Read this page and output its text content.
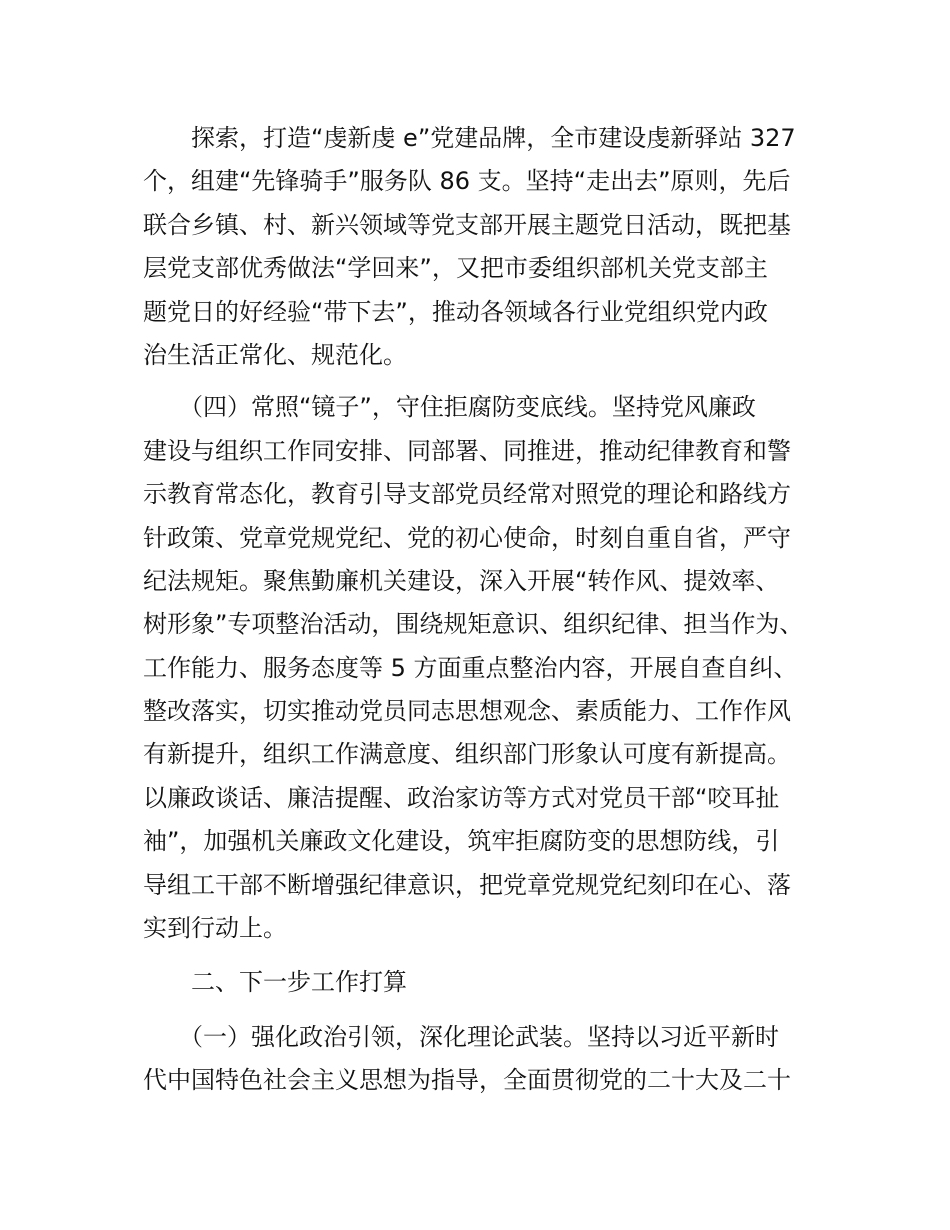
　　探索，打造“虔新虔 e”党建品牌，全市建设虔新驿站 327
个，组建“先锋骑手”服务队 86 支。坚持“走出去”原则，先后
联合乡镇、村、新兴领域等党支部开展主题党日活动，既把基
层党支部优秀做法“学回来”，又把市委组织部机关党支部主
题党日的好经验“带下去”，推动各领域各行业党组织党内政
治生活正常化、规范化。
　　（四）常照“镜子”，守住拒腐防变底线。坚持党风廉政
建设与组织工作同安排、同部署、同推进，推动纪律教育和警
示教育常态化，教育引导支部党员经常对照党的理论和路线方
针政策、党章党规党纪、党的初心使命，时刻自重自省，严守
纪法规矩。聚焦勤廉机关建设，深入开展“转作风、提效率、
树形象”专项整治活动，围绕规矩意识、组织纪律、担当作为、
工作能力、服务态度等 5 方面重点整治内容，开展自查自纠、
整改落实，切实推动党员同志思想观念、素质能力、工作作风
有新提升，组织工作满意度、组织部门形象认可度有新提高。
以廉政谈话、廉洁提醒、政治家访等方式对党员干部“咬耳扯
袖”，加强机关廉政文化建设，筑牢拒腐防变的思想防线，引
导组工干部不断增强纪律意识，把党章党规党纪刻印在心、落
实到行动上。
　　二、下一步工作打算
　　（一）强化政治引领，深化理论武装。坚持以习近平新时
代中国特色社会主义思想为指导，全面贯彻党的二十大及二十
